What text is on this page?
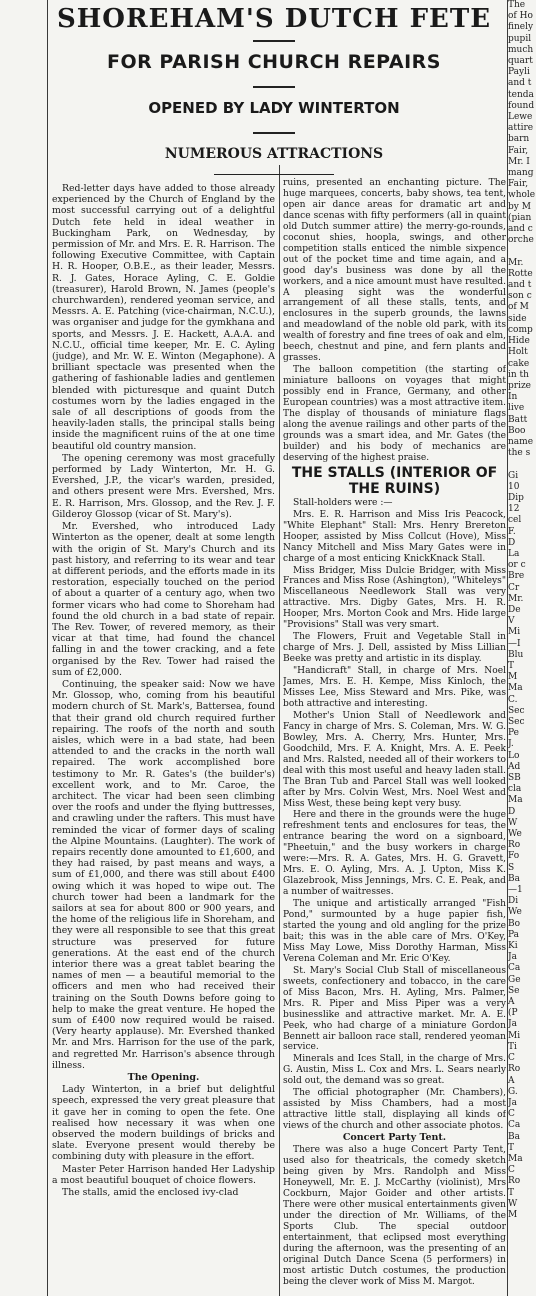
SHOREHAM'S DUTCH FETE
FOR PARISH CHURCH REPAIRS
OPENED BY LADY WINTERTON
NUMEROUS ATTRACTIONS

Red-letter days have added to those already experienced by the Church of England by the most successful carrying out of a delightful Dutch fete held in ideal weather in Buckingham Park, on Wednesday, by permission of Mr. and Mrs. E. R. Harrison. The following Executive Committee, with Captain H. R. Hooper, O.B.E., as their leader, Messrs. R. J. Gates, Horace Ayling, C. E. Goldie (treasurer), Harold Brown, N. James (people's churchwarden), rendered yeoman service, and Messrs. A. E. Patching (vice-chairman, N.C.U.), was organiser and judge for the gymkhana and sports, and Messrs. J. E. Hackett, A.A.A. and N.C.U., official time keeper, Mr. E. C. Ayling (judge), and Mr. W. E. Winton (Megaphone). A brilliant spectacle was presented when the gathering of fashionable ladies and gentlemen blended with picturesque and quaint Dutch costumes worn by the ladies engaged in the sale of all descriptions of goods from the heavily-laden stalls, the principal stalls being inside the magnificent ruins of the at one time beautiful old country mansion.

The opening ceremony was most gracefully performed by Lady Winterton, Mr. H. G. Evershed, J.P., the vicar's warden, presided, and others present were Mrs. Evershed, Mrs. E. R. Harrison, Mrs. Glossop, and the Rev. J. F. Gilderoy Glossop (vicar of St. Mary's).

Mr. Evershed, who introduced Lady Winterton as the opener, dealt at some length with the origin of St. Mary's Church and its past history, and referring to its wear and tear at different periods, and the efforts made in its restoration, especially touched on the period of about a quarter of a century ago, when two former vicars who had come to Shoreham had found the old church in a bad state of repair. The Rev. Tower, of revered memory, as their vicar at that time, had found the chancel falling in and the tower cracking, and a fete organised by the Rev. Tower had raised the sum of £2,000.

Continuing, the speaker said: Now we have Mr. Glossop, who, coming from his beautiful modern church of St. Mark's, Battersea, found that their grand old church required further repairing. The roofs of the north and south aisles, which were in a bad state, had been attended to and the cracks in the north wall repaired. The work accomplished bore testimony to Mr. R. Gates's (the builder's) excellent work, and to Mr. Caroe, the architect. The vicar had been seen climbing over the roofs and under the flying buttresses, and crawling under the rafters. This must have reminded the vicar of former days of scaling the Alpine Mountains. (Laughter). The work of repairs recently done amounted to £1,600, and they had raised, by past means and ways, a sum of £1,000, and there was still about £400 owing which it was hoped to wipe out. The church tower had been a landmark for the sailors at sea for about 800 or 900 years, and the home of the religious life in Shoreham, and they were all responsible to see that this great structure was preserved for future generations. At the east end of the church interior there was a great tablet bearing the names of men — a beautiful memorial to the officers and men who had received their training on the South Downs before going to help to make the great venture. He hoped the sum of £400 now required would be raised. (Very hearty applause). Mr. Evershed thanked Mr. and Mrs. Harrison for the use of the park, and regretted Mr. Harrison's absence through illness.

The Opening.

Lady Winterton, in a brief but delightful speech, expressed the very great pleasure that it gave her in coming to open the fete. One realised how necessary it was when one observed the modern buildings of bricks and slate. Everyone present would thereby be combining duty with pleasure in the effort.

Master Peter Harrison handed Her Ladyship a most beautiful bouquet of choice flowers.

The stalls, amid the enclosed ivy-clad

ruins, presented an enchanting picture. The huge marquees, concerts, baby shows, tea tent, open air dance areas for dramatic art and dance scenas with fifty performers (all in quaint old Dutch summer attire) the merry-go-rounds, coconut shies, hoopla, swings, and other competition stalls enticed the nimble sixpence out of the pocket time and time again, and a good day's business was done by all the workers, and a nice amount must have resulted. A pleasing sight was the wonderful arrangement of all these stalls, tents, and enclosures in the superb grounds, the lawns and meadowland of the noble old park, with its wealth of forestry and fine trees of oak and elm, beech, chestnut and pine, and fern plants and grasses.

The balloon competition (the starting of miniature balloons on voyages that might possibly end in France, Germany, and other European countries) was a most attractive item. The display of thousands of miniature flags along the avenue railings and other parts of the grounds was a smart idea, and Mr. Gates (the builder) and his body of mechanics are deserving of the highest praise.

THE STALLS (INTERIOR OF THE RUINS)

Stall-holders were :—

Mrs. E. R. Harrison and Miss Iris Peacock, "White Elephant" Stall: Mrs. Henry Brereton Hooper, assisted by Miss Collcut (Hove), Miss Nancy Mitchell and Miss Mary Gates were in charge of a most enticing KnickKnack Stall.

Miss Bridger, Miss Dulcie Bridger, with Miss Frances and Miss Rose (Ashington), "Whiteleys" Miscellaneous Needlework Stall was very attractive. Mrs. Digby Gates, Mrs. H. R. Hooper, Mrs. Morton Cook and Mrs. Hide large "Provisions" Stall was very smart.

The Flowers, Fruit and Vegetable Stall in charge of Mrs. J. Dell, assisted by Miss Lillian Beeke was pretty and artistic in its display.

"Handicraft" Stall, in charge of Mrs. Noel James, Mrs. E. H. Kempe, Miss Kinloch, the Misses Lee, Miss Steward and Mrs. Pike, was both attractive and interesting.

Mother's Union Stall of Needlework and Fancy in charge of Mrs. S. Coleman, Mrs. W. G. Bowley, Mrs. A. Cherry, Mrs. Hunter, Mrs. Goodchild, Mrs. F. A. Knight, Mrs. A. E. Peek and Mrs. Ralsted, needed all of their workers to deal with this most useful and heavy laden stall. The Bran Tub and Parcel Stall was well looked after by Mrs. Colvin West, Mrs. Noel West and Miss West, these being kept very busy.

Here and there in the grounds were the huge refreshment tents and enclosures for teas, the entrance bearing the word on a signboard, "Pheetuin," and the busy workers in charge were:—Mrs. R. A. Gates, Mrs. H. G. Gravett, Mrs. E. O. Ayling, Mrs. A. J. Upton, Miss K. Glazebrook, Miss Jennings, Mrs. C. E. Peak, and a number of waitresses.

The unique and artistically arranged "Fish Pond," surmounted by a huge papier fish, started the young and old angling for the prize bait; this was in the able care of Mrs. O'Key, Miss May Lowe, Miss Dorothy Harman, Miss Verena Coleman and Mr. Eric O'Key.

St. Mary's Social Club Stall of miscellaneous sweets, confectionery and tobacco, in the care of Miss Bacon, Mrs. H. Ayling, Mrs. Palmer, Mrs. R. Piper and Miss Piper was a very businesslike and attractive market. Mr. A. E. Peek, who had charge of a miniature Gordon Bennett air balloon race stall, rendered yeoman service.

Minerals and Ices Stall, in the charge of Mrs. G. Austin, Miss L. Cox and Mrs. L. Sears nearly sold out, the demand was so great.

The official photographer (Mr. Chambers), assisted by Miss Chambers, had a most attractive little stall, displaying all kinds of views of the church and other associate photos.

Concert Party Tent.

There was also a huge Concert Party Tent, used also for theatricals, the comedy sketch being given by Mrs. Randolph and Miss Honeywell, Mr. E. J. McCarthy (violinist), Mrs Cockburn, Major Goider and other artists. There were other musical entertainments given under the direction of Mr. Williams, of the Sports Club. The special outdoor entertainment, that eclipsed most everything during the afternoon, was the presenting of an original Dutch Dance Scena (5 performers) in most artistic Dutch costumes, the production being the clever work of Miss M. Margot.

The
of Ho
finely
pupil
much
quart
Payli
and t
tenda
found
Lewe
attire
barn
Fair,
Mr. I
mang
Fair,
whole
by M
(pian
and c
orche

Mr.
Rotte
and t
son c
of M
side
comp
Hide
Holt
cake
in th
prize
In
live
Batt
Boo
name
the s

Gi
10
Dip
12
cel
F.
D
La
or c
Bre
Cr
Mr.
De
V
Mi
—I
Blu
T
M
Ma
C.
Sec
Sec
Pe
J.
Lo
Ad
SB
cla
Ma
D
W
We
Ro
Fo
S
Ba
—1
Di
We
Bo
Pa
Ki
Ja
Ca
Ge
Se
A
(P
Ja
Mi
Ti
C
Ro
A
G.
Ja
C
Ca
Ba
T
Ma
C
Ro
T
W
M
